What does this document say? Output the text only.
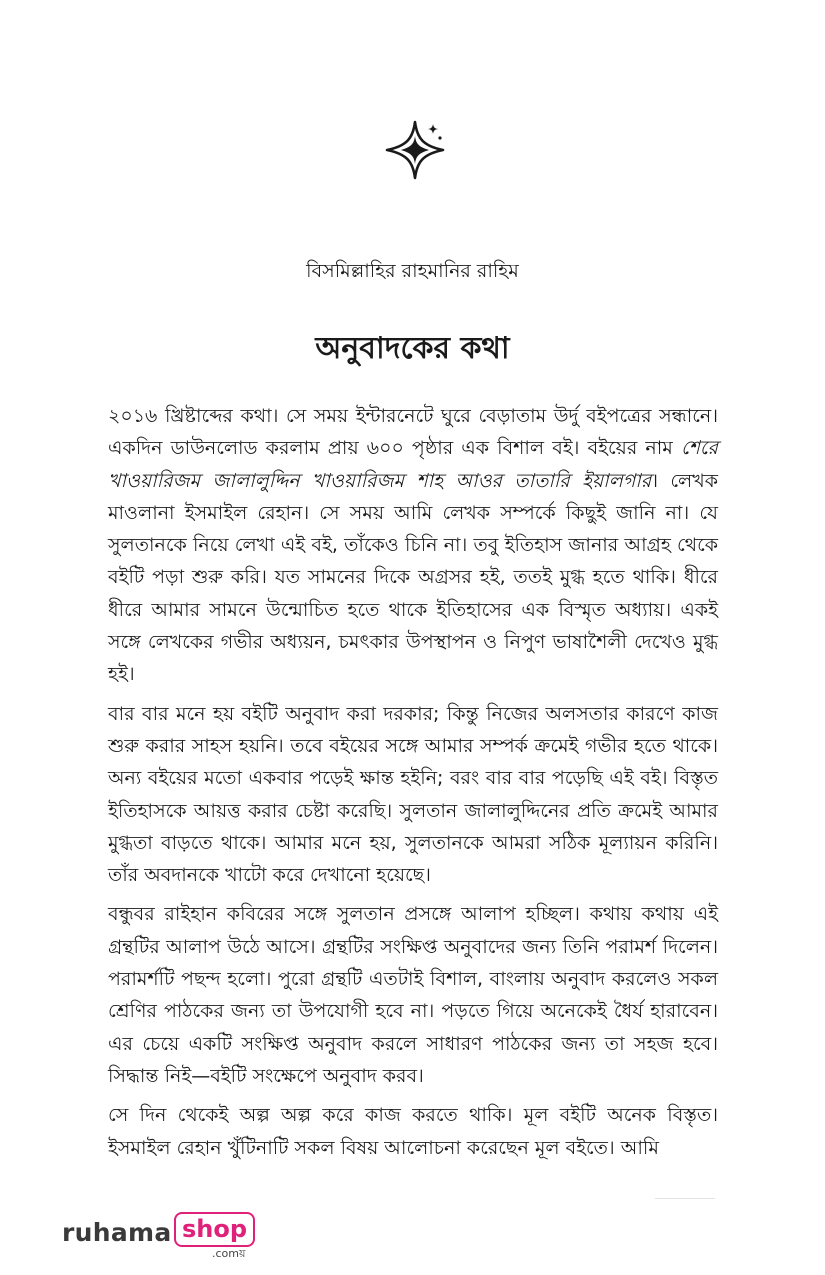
বিসমিল্লাহির রাহমানির রাহিম
অনুবাদকের কথা

২০১৬ খ্রিষ্টাব্দের কথা। সে সময় ইন্টারনেটে ঘুরে বেড়াতাম উর্দু বইপত্রের সন্ধানে। একদিন ডাউনলোড করলাম প্রায় ৬০০ পৃষ্ঠার এক বিশাল বই। বইয়ের নাম শেরে খাওয়ারিজম জালালুদ্দিন খাওয়ারিজম শাহ আওর তাতারি ইয়ালগার। লেখক মাওলানা ইসমাইল রেহান। সে সময় আমি লেখক সম্পর্কে কিছুই জানি না। যে সুলতানকে নিয়ে লেখা এই বই, তাঁকেও চিনি না। তবু ইতিহাস জানার আগ্রহ থেকে বইটি পড়া শুরু করি। যত সামনের দিকে অগ্রসর হই, ততই মুগ্ধ হতে থাকি। ধীরে ধীরে আমার সামনে উন্মোচিত হতে থাকে ইতিহাসের এক বিস্মৃত অধ্যায়। একই সঙ্গে লেখকের গভীর অধ্যয়ন, চমৎকার উপস্থাপন ও নিপুণ ভাষাশৈলী দেখেও মুগ্ধ হই।

বার বার মনে হয় বইটি অনুবাদ করা দরকার; কিন্তু নিজের অলসতার কারণে কাজ শুরু করার সাহস হয়নি। তবে বইয়ের সঙ্গে আমার সম্পর্ক ক্রমেই গভীর হতে থাকে। অন্য বইয়ের মতো একবার পড়েই ক্ষান্ত হইনি; বরং বার বার পড়েছি এই বই। বিস্তৃত ইতিহাসকে আয়ত্ত করার চেষ্টা করেছি। সুলতান জালালুদ্দিনের প্রতি ক্রমেই আমার মুগ্ধতা বাড়তে থাকে। আমার মনে হয়, সুলতানকে আমরা সঠিক মূল্যায়ন করিনি। তাঁর অবদানকে খাটো করে দেখানো হয়েছে।

বন্ধুবর রাইহান কবিরের সঙ্গে সুলতান প্রসঙ্গে আলাপ হচ্ছিল। কথায় কথায় এই গ্রন্থটির আলাপ উঠে আসে। গ্রন্থটির সংক্ষিপ্ত অনুবাদের জন্য তিনি পরামর্শ দিলেন। পরামর্শটি পছন্দ হলো। পুরো গ্রন্থটি এতটাই বিশাল, বাংলায় অনুবাদ করলেও সকল শ্রেণির পাঠকের জন্য তা উপযোগী হবে না। পড়তে গিয়ে অনেকেই ধৈর্য হারাবেন। এর চেয়ে একটি সংক্ষিপ্ত অনুবাদ করলে সাধারণ পাঠকের জন্য তা সহজ হবে। সিদ্ধান্ত নিই—বইটি সংক্ষেপে অনুবাদ করব।

সে দিন থেকেই অল্প অল্প করে কাজ করতে থাকি। মূল বইটি অনেক বিস্তৃত। ইসমাইল রেহান খুঁটিনাটি সকল বিষয় আলোচনা করেছেন মূল বইতে। আমি

ruhama shop
.comয়
